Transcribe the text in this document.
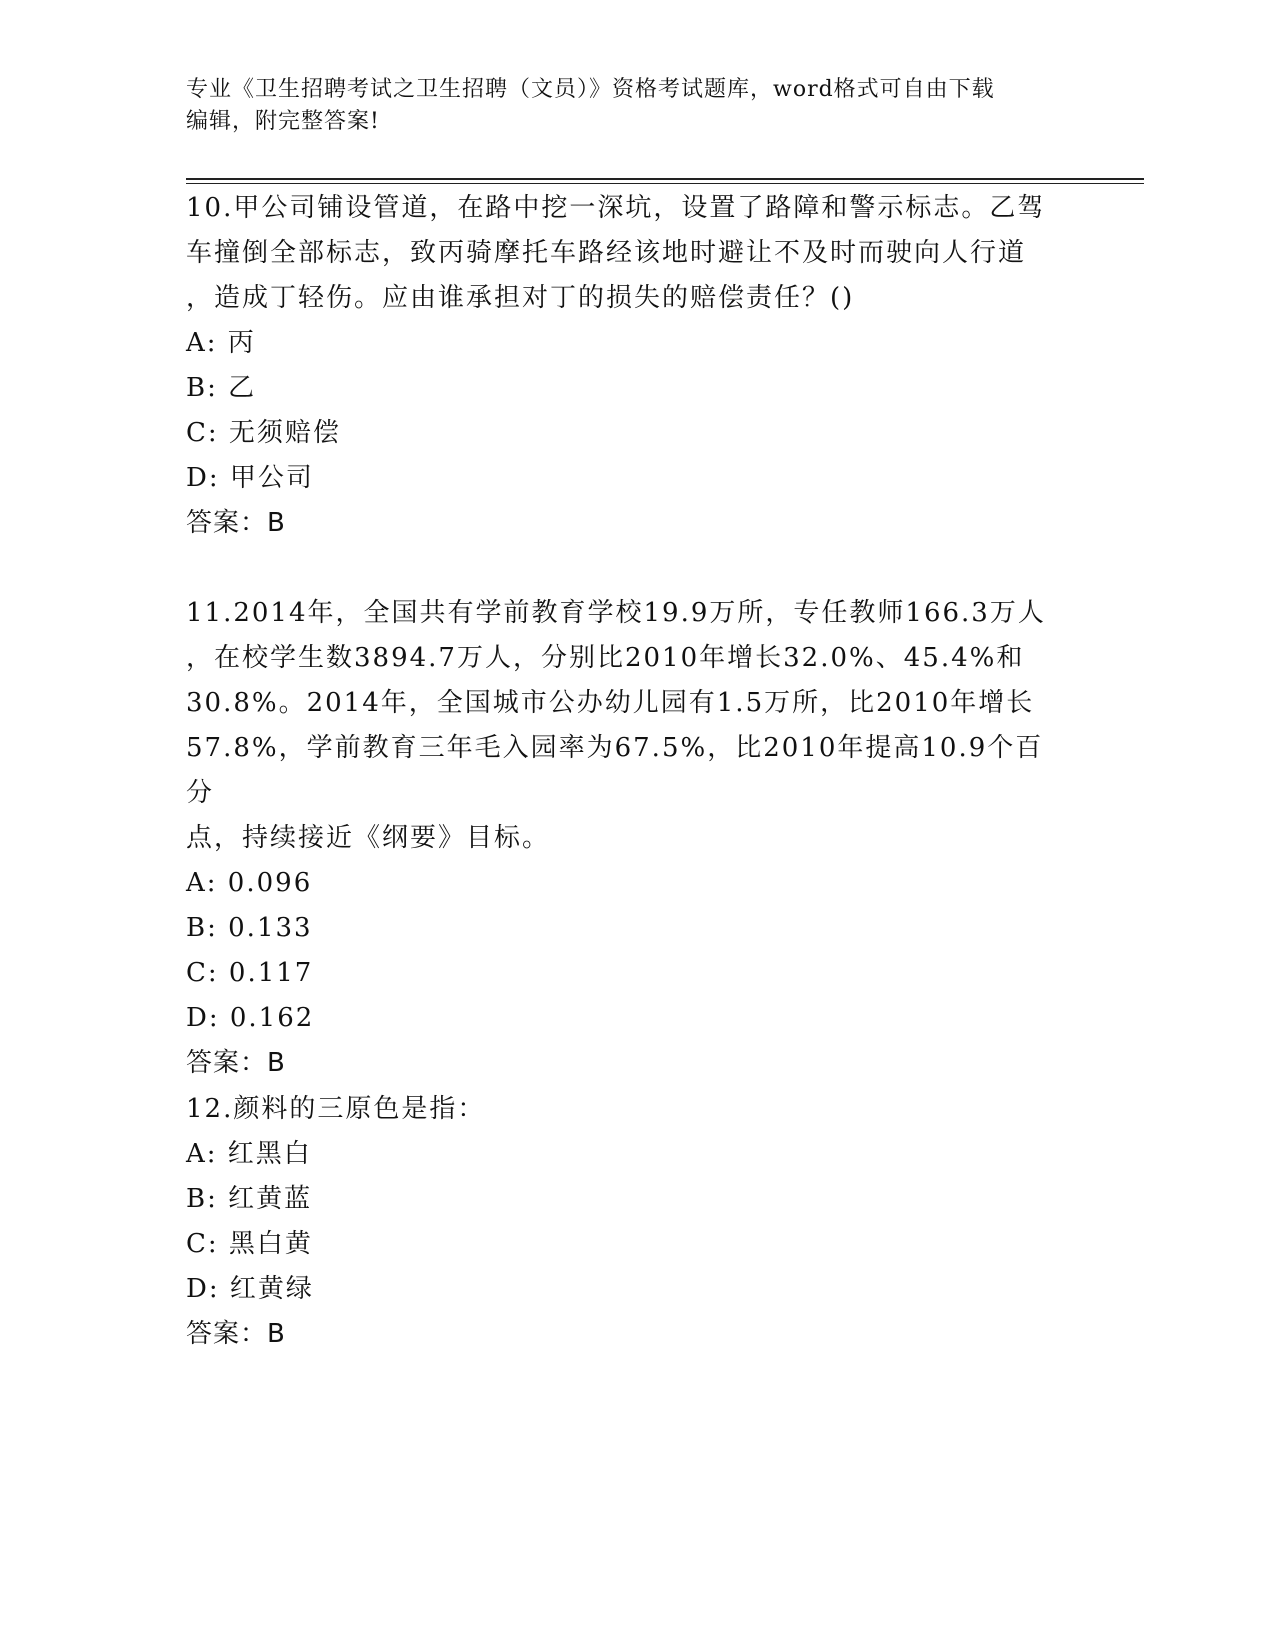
专业《卫生招聘考试之卫生招聘（文员）》资格考试题库，word格式可自由下载
编辑，附完整答案!

10.甲公司铺设管道，在路中挖一深坑，设置了路障和警示标志。乙驾

车撞倒全部标志，致丙骑摩托车路经该地时避让不及时而驶向人行道

，造成丁轻伤。应由谁承担对丁的损失的赔偿责任？()

A: 丙

B: 乙

C: 无须赔偿

D: 甲公司

答案：B

11.2014年，全国共有学前教育学校19.9万所，专任教师166.3万人

，在校学生数3894.7万人，分别比2010年增长32.0%、45.4%和

30.8%。2014年，全国城市公办幼儿园有1.5万所，比2010年增长

57.8%，学前教育三年毛入园率为67.5%，比2010年提高10.9个百分

点，持续接近《纲要》目标。

A: 0.096

B: 0.133

C: 0.117

D: 0.162

答案：B

12.颜料的三原色是指：

A: 红黑白

B: 红黄蓝

C: 黑白黄

D: 红黄绿

答案：B
